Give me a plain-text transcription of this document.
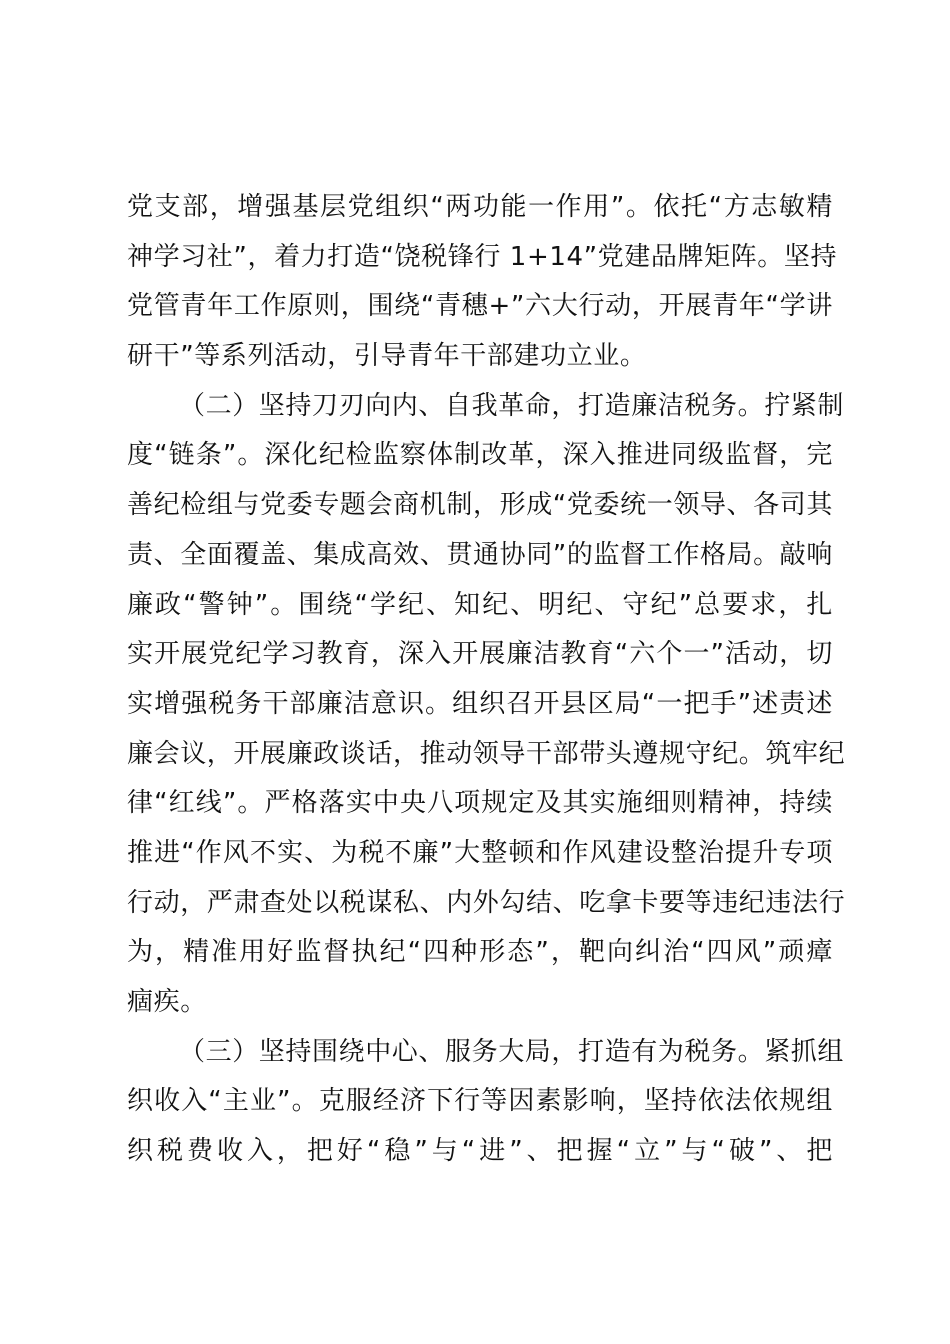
党支部，增强基层党组织“两功能一作用”。依托“方志敏精
神学习社”，着力打造“饶税锋行 1+14”党建品牌矩阵。坚持
党管青年工作原则，围绕“青穗+”六大行动，开展青年“学讲
研干”等系列活动，引导青年干部建功立业。
（二）坚持刀刃向内、自我革命，打造廉洁税务。拧紧制
度“链条”。深化纪检监察体制改革，深入推进同级监督，完
善纪检组与党委专题会商机制，形成“党委统一领导、各司其
责、全面覆盖、集成高效、贯通协同”的监督工作格局。敲响
廉政“警钟”。围绕“学纪、知纪、明纪、守纪”总要求，扎
实开展党纪学习教育，深入开展廉洁教育“六个一”活动，切
实增强税务干部廉洁意识。组织召开县区局“一把手”述责述
廉会议，开展廉政谈话，推动领导干部带头遵规守纪。筑牢纪
律“红线”。严格落实中央八项规定及其实施细则精神，持续
推进“作风不实、为税不廉”大整顿和作风建设整治提升专项
行动，严肃查处以税谋私、内外勾结、吃拿卡要等违纪违法行
为，精准用好监督执纪“四种形态”，靶向纠治“四风”顽瘴
痼疾。
（三）坚持围绕中心、服务大局，打造有为税务。紧抓组
织收入“主业”。克服经济下行等因素影响，坚持依法依规组
织税费收入，把好“稳”与“进”、把握“立”与“破”、把
